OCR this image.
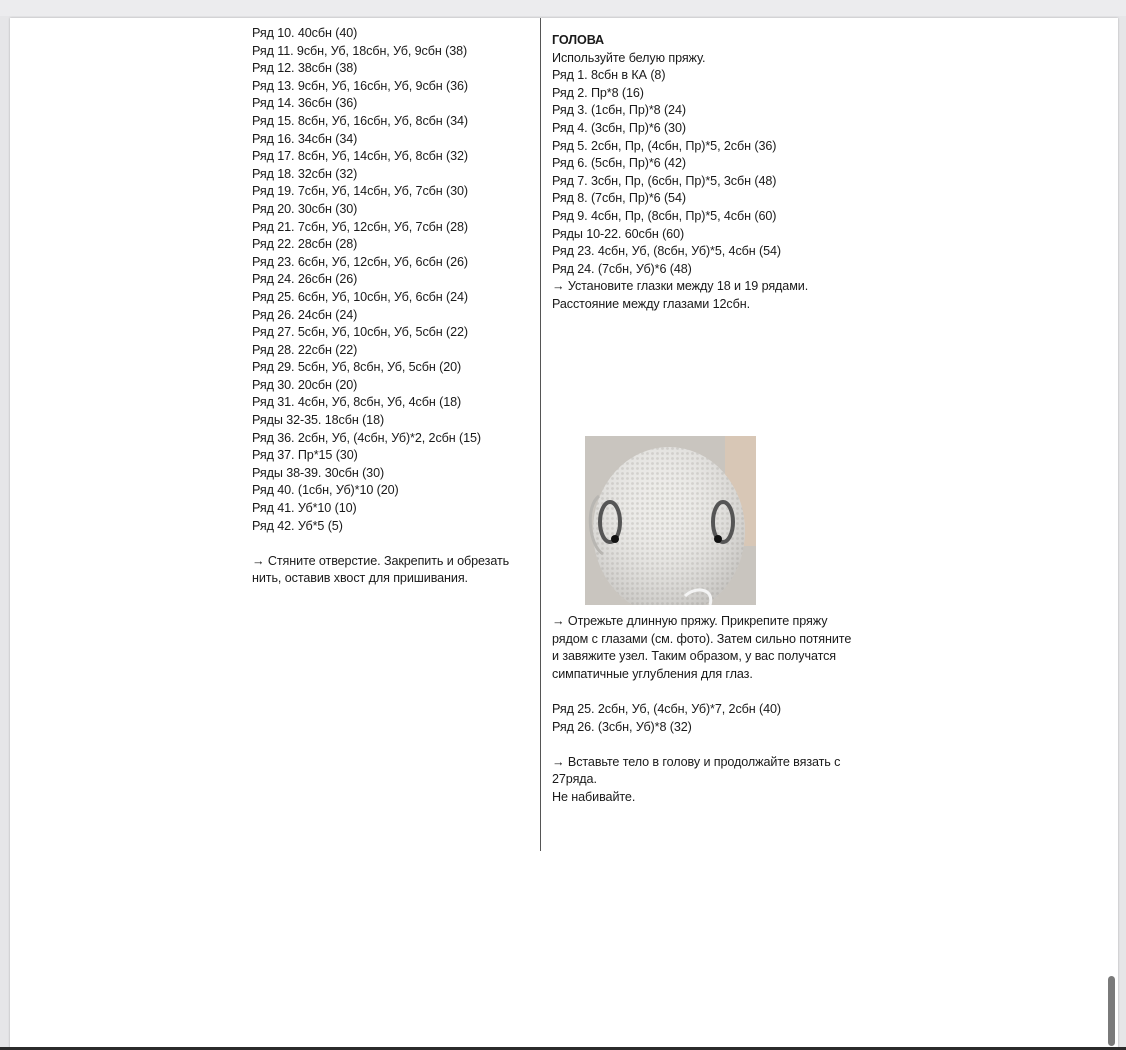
Ряд 10. 40сбн (40)
Ряд 11. 9сбн, Уб, 18сбн, Уб, 9сбн (38)
Ряд 12. 38сбн (38)
Ряд 13. 9сбн, Уб, 16сбн, Уб, 9сбн (36)
Ряд 14. 36сбн (36)
Ряд 15. 8сбн, Уб, 16сбн, Уб, 8сбн (34)
Ряд 16. 34сбн (34)
Ряд 17. 8сбн, Уб, 14сбн, Уб, 8сбн (32)
Ряд 18. 32сбн (32)
Ряд 19. 7сбн, Уб, 14сбн, Уб, 7сбн (30)
Ряд 20. 30сбн (30)
Ряд 21. 7сбн, Уб, 12сбн, Уб, 7сбн (28)
Ряд 22. 28сбн (28)
Ряд 23. 6сбн, Уб, 12сбн, Уб, 6сбн (26)
Ряд 24. 26сбн (26)
Ряд 25. 6сбн, Уб, 10сбн, Уб, 6сбн (24)
Ряд 26. 24сбн (24)
Ряд 27. 5сбн, Уб, 10сбн, Уб, 5сбн (22)
Ряд 28. 22сбн (22)
Ряд 29. 5сбн, Уб, 8сбн, Уб, 5сбн (20)
Ряд 30. 20сбн (20)
Ряд 31. 4сбн, Уб, 8сбн, Уб, 4сбн (18)
Ряды 32-35. 18сбн (18)
Ряд 36. 2сбн, Уб, (4сбн, Уб)*2, 2сбн (15)
Ряд 37. Пр*15 (30)
Ряды 38-39. 30сбн (30)
Ряд 40. (1сбн, Уб)*10 (20)
Ряд 41. Уб*10 (10)
Ряд 42. Уб*5 (5)
→ Стяните отверстие. Закрепить и обрезать
нить, оставив хвост для пришивания.
ГОЛОВА
Используйте белую пряжу.
Ряд 1. 8сбн в КА (8)
Ряд 2. Пр*8 (16)
Ряд 3. (1сбн, Пр)*8 (24)
Ряд 4. (3сбн, Пр)*6 (30)
Ряд 5. 2сбн, Пр, (4сбн, Пр)*5, 2сбн (36)
Ряд 6. (5сбн, Пр)*6 (42)
Ряд 7. 3сбн, Пр, (6сбн, Пр)*5, 3сбн (48)
Ряд 8. (7сбн, Пр)*6 (54)
Ряд 9. 4сбн, Пр, (8сбн, Пр)*5, 4сбн (60)
Ряды 10-22. 60сбн (60)
Ряд 23. 4сбн, Уб, (8сбн, Уб)*5, 4сбн (54)
Ряд 24. (7сбн, Уб)*6 (48)
→ Установите глазки между 18 и 19 рядами.
Расстояние между глазами 12сбн.
→ Отрежьте длинную пряжу. Прикрепите пряжу
рядом с глазами (см. фото). Затем сильно потяните
и завяжите узел. Таким образом, у вас получатся
симпатичные углубления для глаз.
Ряд 25. 2сбн, Уб, (4сбн, Уб)*7, 2сбн (40)
Ряд 26. (3сбн, Уб)*8 (32)
→ Вставьте тело в голову и продолжайте вязать с
27ряда.
Не набивайте.
